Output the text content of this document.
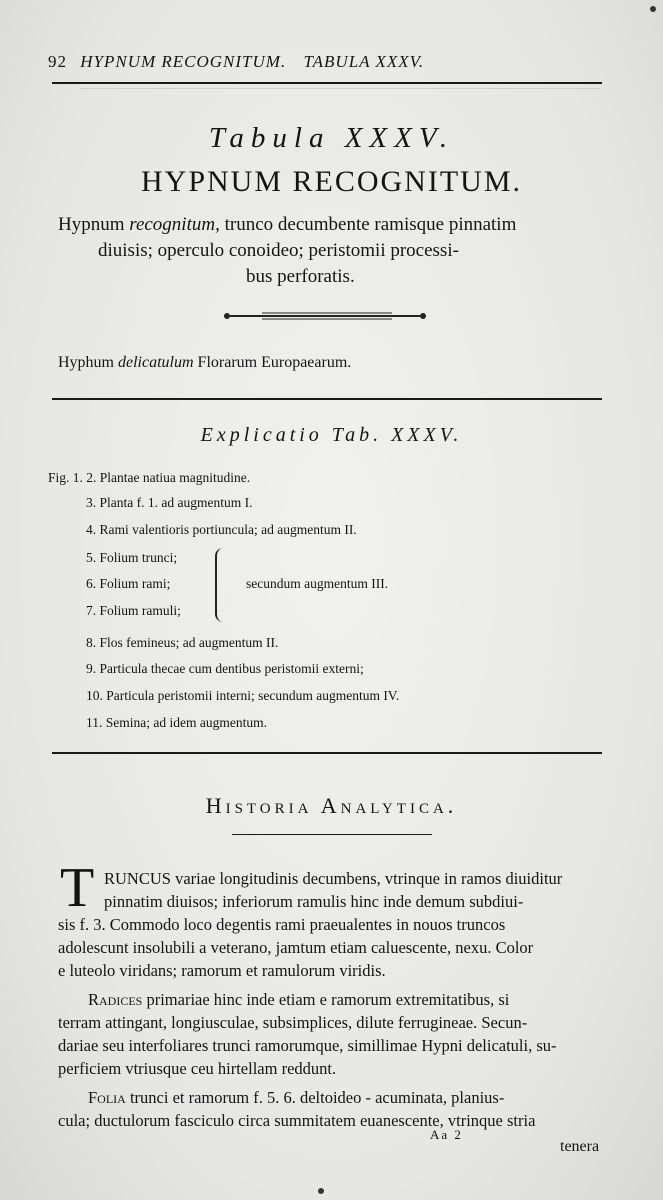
92 HYPNUM RECOGNITUM. TABULA XXXV.
Tabula XXXV.
HYPNUM RECOGNITUM.
Hypnum recognitum, trunco decumbente ramisque pinnatim
diuisis; operculo conoideo; peristomii processi-
bus perforatis.
Hyphum delicatulum Florarum Europaearum.
Explicatio Tab. XXXV.
Fig. 1. 2. Plantae natiua magnitudine.
3. Planta f. 1. ad augmentum I.
4. Rami valentioris portiuncula; ad augmentum II.
5. Folium trunci;
6. Folium rami;
7. Folium ramuli;
secundum augmentum III.
8. Flos femineus; ad augmentum II.
9. Particula thecae cum dentibus peristomii externi;
10. Particula peristomii interni; secundum augmentum IV.
11. Semina; ad idem augmentum.
Historia Analytica.
T RUNCUS variae longitudinis decumbens, vtrinque in ramos diuiditur
pinnatim diuisos; inferiorum ramulis hinc inde demum subdiui-
sis f. 3. Commodo loco degentis rami praeualentes in nouos truncos
adolescunt insolubili a veterano, jamtum etiam caluescente, nexu. Color
e luteolo viridans; ramorum et ramulorum viridis.
Radices primariae hinc inde etiam e ramorum extremitatibus, si
terram attingant, longiusculae, subsimplices, dilute ferrugineae. Secun-
dariae seu interfoliares trunci ramorumque, simillimae Hypni delicatuli, su-
perficiem vtriusque ceu hirtellam reddunt.
Folia trunci et ramorum f. 5. 6. deltoideo - acuminata, planius-
cula; ductulorum fasciculo circa summitatem euanescente, vtrinque stria
Aa 2
tenera
